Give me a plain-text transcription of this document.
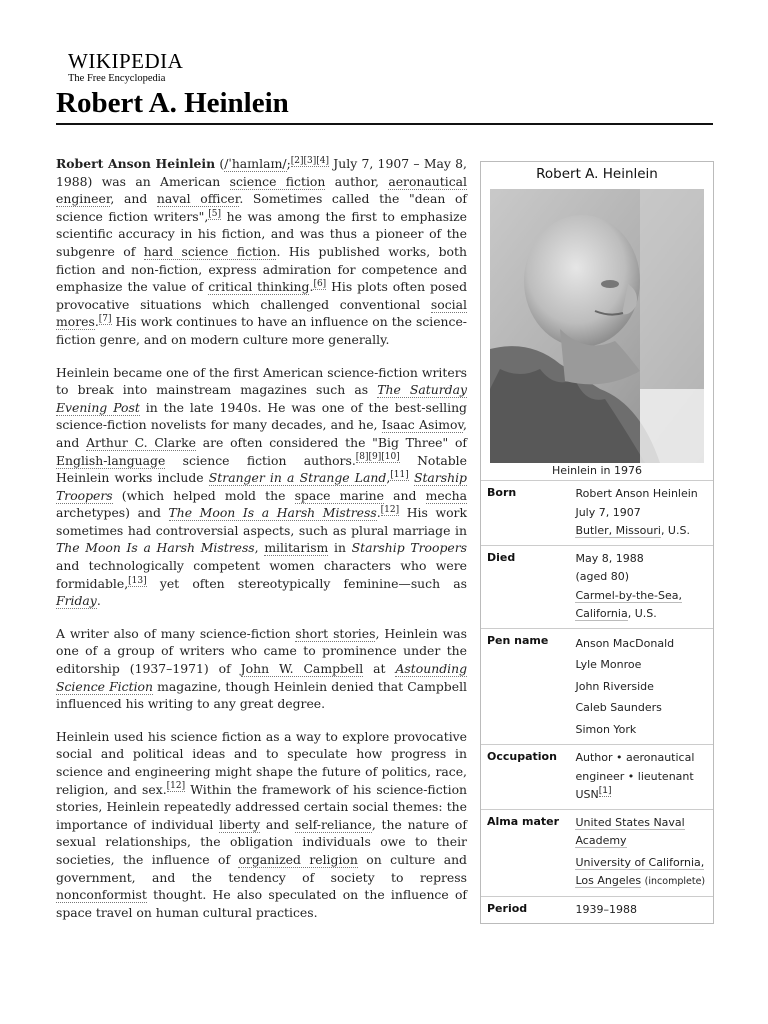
WIKIPEDIA
The Free Encyclopedia
Robert A. Heinlein

Robert Anson Heinlein (/ˈhaɪnlaɪn/;[2][3][4] July 7, 1907 – May 8, 1988) was an American science fiction author, aeronautical engineer, and naval officer. Sometimes called the "dean of science fiction writers",[5] he was among the first to emphasize scientific accuracy in his fiction, and was thus a pioneer of the subgenre of hard science fiction. His published works, both fiction and non-fiction, express admiration for competence and emphasize the value of critical thinking.[6] His plots often posed provocative situations which challenged conventional social mores.[7] His work continues to have an influence on the science-fiction genre, and on modern culture more generally.

Heinlein became one of the first American science-fiction writers to break into mainstream magazines such as The Saturday Evening Post in the late 1940s. He was one of the best-selling science-fiction novelists for many decades, and he, Isaac Asimov, and Arthur C. Clarke are often considered the "Big Three" of English-language science fiction authors.[8][9][10] Notable Heinlein works include Stranger in a Strange Land,[11] Starship Troopers (which helped mold the space marine and mecha archetypes) and The Moon Is a Harsh Mistress.[12] His work sometimes had controversial aspects, such as plural marriage in The Moon Is a Harsh Mistress, militarism in Starship Troopers and technologically competent women characters who were formidable,[13] yet often stereotypically feminine—such as Friday.

A writer also of many science-fiction short stories, Heinlein was one of a group of writers who came to prominence under the editorship (1937–1971) of John W. Campbell at Astounding Science Fiction magazine, though Heinlein denied that Campbell influenced his writing to any great degree.

Heinlein used his science fiction as a way to explore provocative social and political ideas and to speculate how progress in science and engineering might shape the future of politics, race, religion, and sex.[12] Within the framework of his science-fiction stories, Heinlein repeatedly addressed certain social themes: the importance of individual liberty and self-reliance, the nature of sexual relationships, the obligation individuals owe to their societies, the influence of organized religion on culture and government, and the tendency of society to repress nonconformist thought. He also speculated on the influence of space travel on human cultural practices.

Robert A. Heinlein
Heinlein in 1976
Born	Robert Anson Heinlein
July 7, 1907
Butler, Missouri, U.S.
Died	May 8, 1988
(aged 80)
Carmel-by-the-Sea,
California, U.S.
Pen name	Anson MacDonald
Lyle Monroe
John Riverside
Caleb Saunders
Simon York
Occupation	Author • aeronautical engineer • lieutenant USN[1]
Alma mater	United States Naval Academy
University of California, Los Angeles (incomplete)
Period	1939–1988
